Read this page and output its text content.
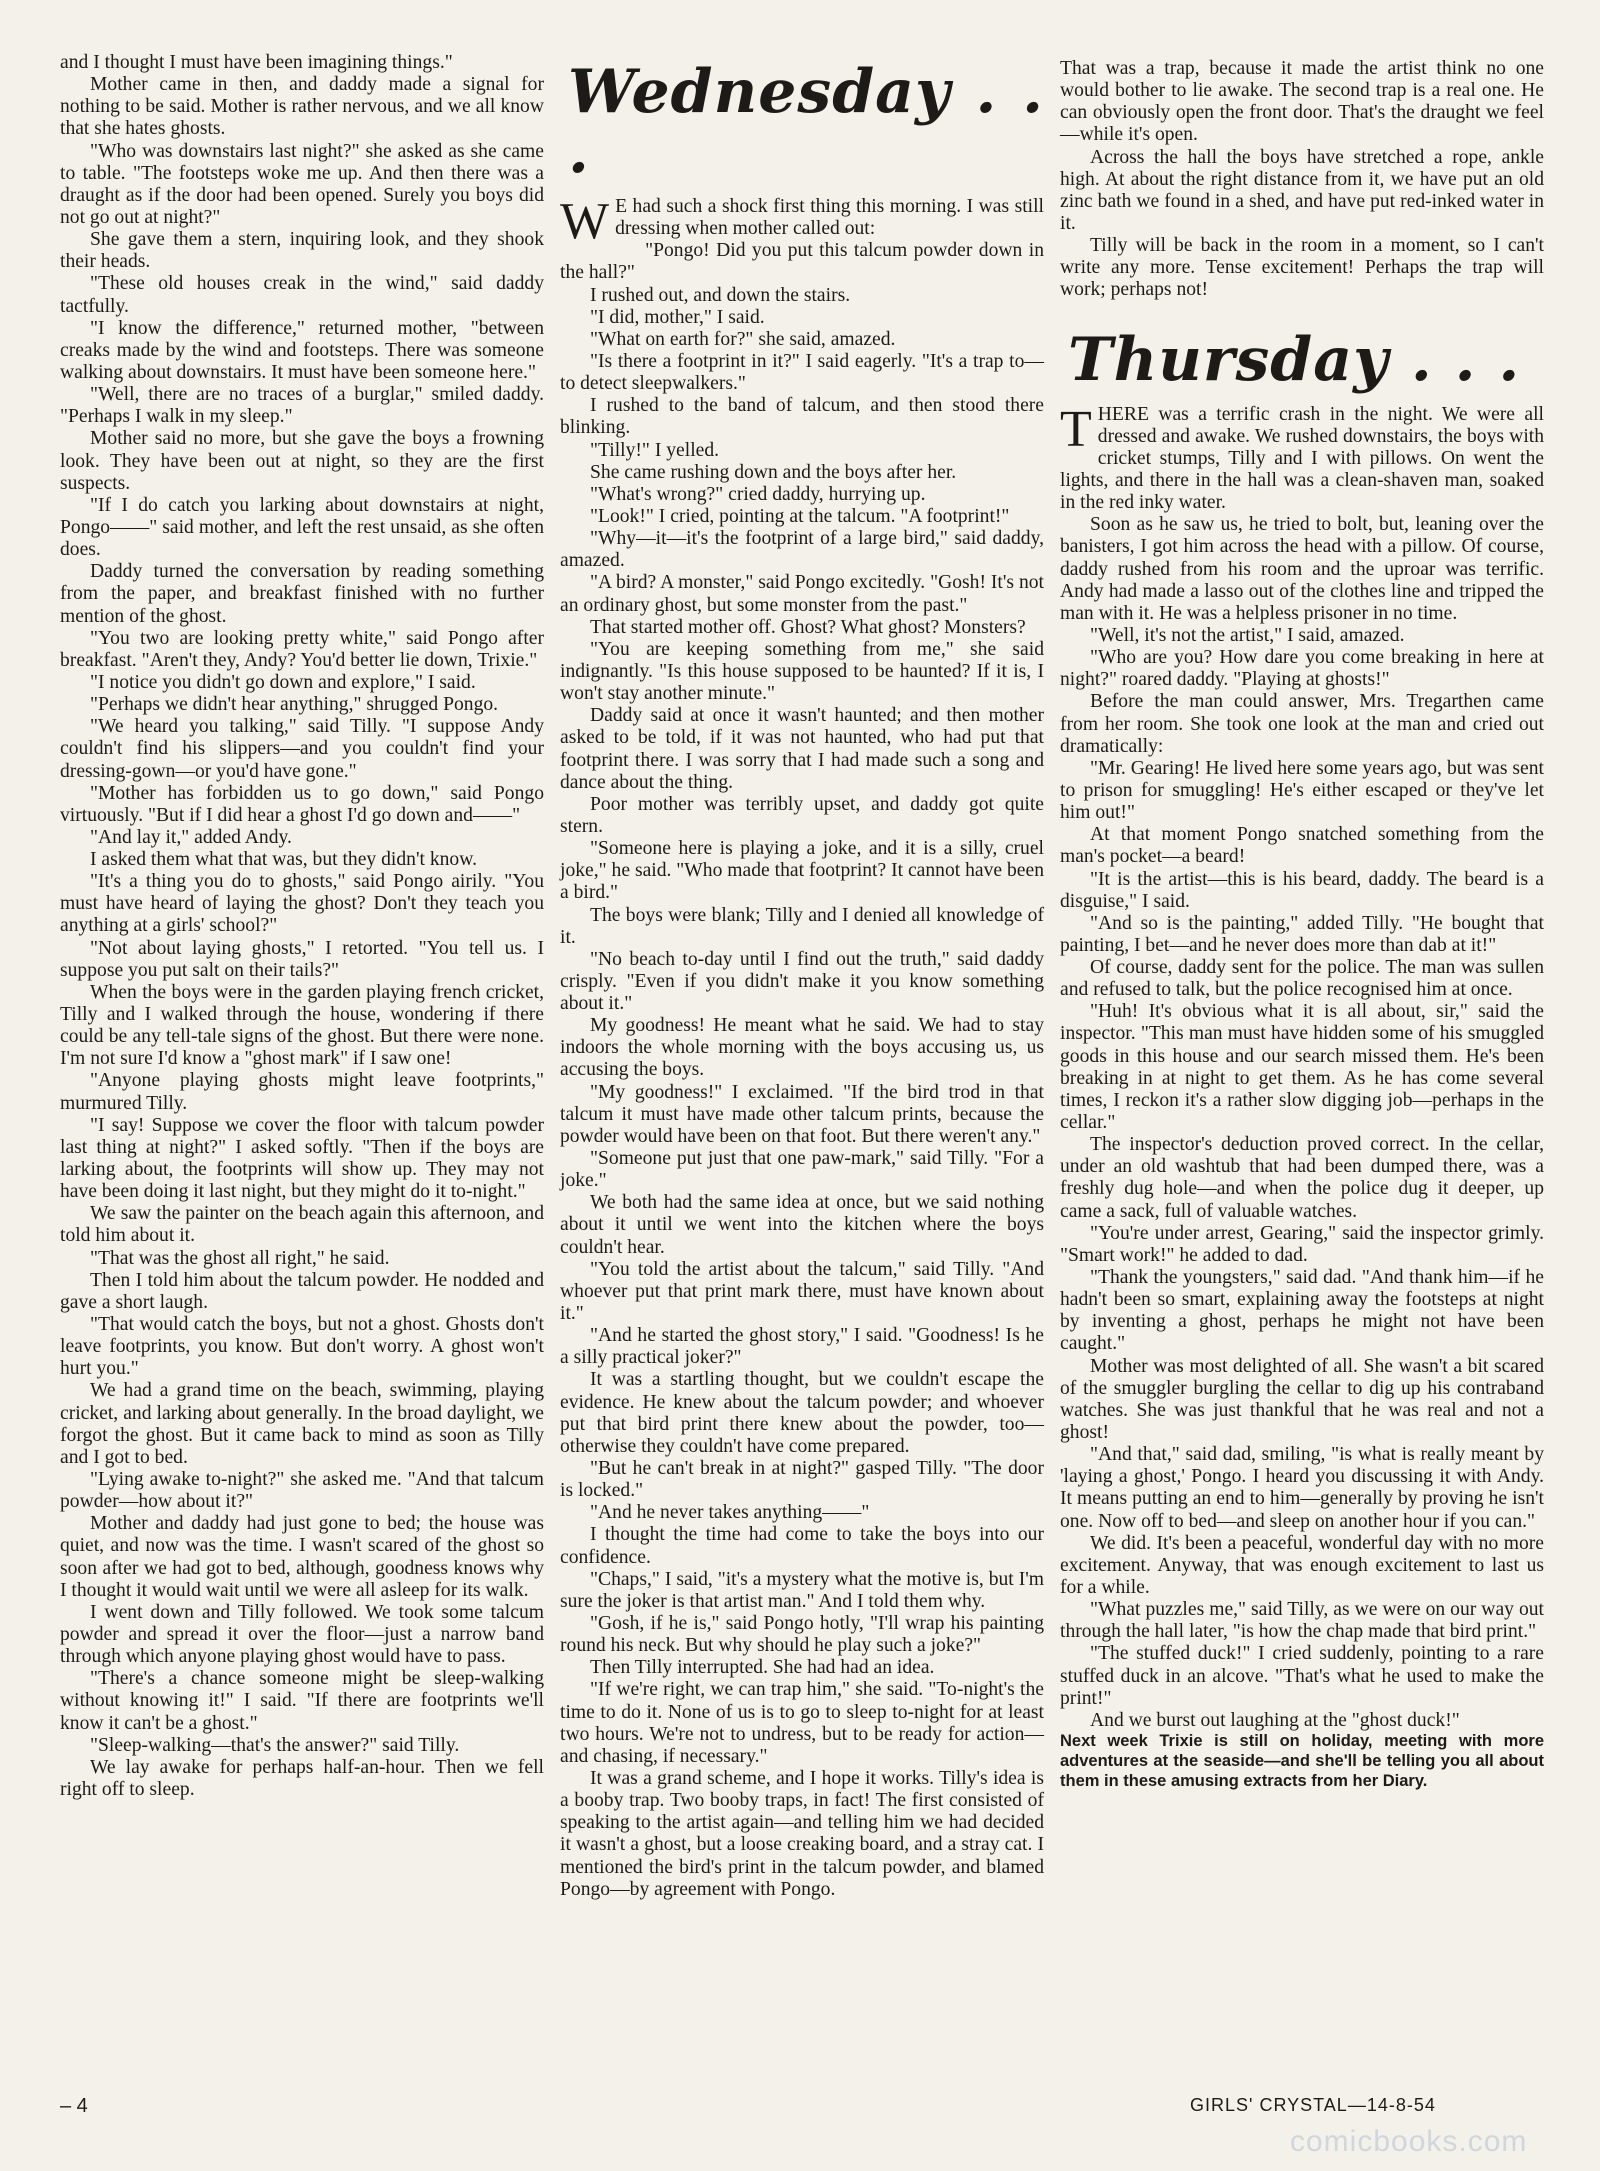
and I thought I must have been imagining things."

Mother came in then, and daddy made a signal for nothing to be said. Mother is rather nervous, and we all know that she hates ghosts.

"Who was downstairs last night?" she asked as she came to table. "The footsteps woke me up. And then there was a draught as if the door had been opened. Surely you boys did not go out at night?"

She gave them a stern, inquiring look, and they shook their heads.

"These old houses creak in the wind," said daddy tactfully.

"I know the difference," returned mother, "between creaks made by the wind and footsteps. There was someone walking about downstairs. It must have been someone here."

"Well, there are no traces of a burglar," smiled daddy. "Perhaps I walk in my sleep."

Mother said no more, but she gave the boys a frowning look. They have been out at night, so they are the first suspects.

"If I do catch you larking about downstairs at night, Pongo——" said mother, and left the rest unsaid, as she often does.

Daddy turned the conversation by reading something from the paper, and breakfast finished with no further mention of the ghost.

"You two are looking pretty white," said Pongo after breakfast. "Aren't they, Andy? You'd better lie down, Trixie."

"I notice you didn't go down and explore," I said.

"Perhaps we didn't hear anything," shrugged Pongo.

"We heard you talking," said Tilly. "I suppose Andy couldn't find his slippers—and you couldn't find your dressing-gown—or you'd have gone."

"Mother has forbidden us to go down," said Pongo virtuously. "But if I did hear a ghost I'd go down and——"

"And lay it," added Andy.

I asked them what that was, but they didn't know.

"It's a thing you do to ghosts," said Pongo airily. "You must have heard of laying the ghost? Don't they teach you anything at a girls' school?"

"Not about laying ghosts," I retorted. "You tell us. I suppose you put salt on their tails?"

When the boys were in the garden playing french cricket, Tilly and I walked through the house, wondering if there could be any tell-tale signs of the ghost. But there were none. I'm not sure I'd know a "ghost mark" if I saw one!

"Anyone playing ghosts might leave footprints," murmured Tilly.

"I say! Suppose we cover the floor with talcum powder last thing at night?" I asked softly. "Then if the boys are larking about, the footprints will show up. They may not have been doing it last night, but they might do it to-night."

We saw the painter on the beach again this afternoon, and told him about it.

"That was the ghost all right," he said.

Then I told him about the talcum powder. He nodded and gave a short laugh.

"That would catch the boys, but not a ghost. Ghosts don't leave footprints, you know. But don't worry. A ghost won't hurt you."

We had a grand time on the beach, swimming, playing cricket, and larking about generally. In the broad daylight, we forgot the ghost. But it came back to mind as soon as Tilly and I got to bed.

"Lying awake to-night?" she asked me. "And that talcum powder—how about it?"

Mother and daddy had just gone to bed; the house was quiet, and now was the time. I wasn't scared of the ghost so soon after we had got to bed, although, goodness knows why I thought it would wait until we were all asleep for its walk.

I went down and Tilly followed. We took some talcum powder and spread it over the floor—just a narrow band through which anyone playing ghost would have to pass.

"There's a chance someone might be sleep-walking without knowing it!" I said. "If there are footprints we'll know it can't be a ghost."

"Sleep-walking—that's the answer?" said Tilly.

We lay awake for perhaps half-an-hour. Then we fell right off to sleep.

Wednesday . . .

W E had such a shock first thing this morning. I was still dressing when mother called out:

"Pongo! Did you put this talcum powder down in the hall?"

I rushed out, and down the stairs.

"I did, mother," I said.

"What on earth for?" she said, amazed.

"Is there a footprint in it?" I said eagerly. "It's a trap to—to detect sleepwalkers."

I rushed to the band of talcum, and then stood there blinking.

"Tilly!" I yelled.

She came rushing down and the boys after her.

"What's wrong?" cried daddy, hurrying up.

"Look!" I cried, pointing at the talcum. "A footprint!"

"Why—it—it's the footprint of a large bird," said daddy, amazed.

"A bird? A monster," said Pongo excitedly. "Gosh! It's not an ordinary ghost, but some monster from the past."

That started mother off. Ghost? What ghost? Monsters?

"You are keeping something from me," she said indignantly. "Is this house supposed to be haunted? If it is, I won't stay another minute."

Daddy said at once it wasn't haunted; and then mother asked to be told, if it was not haunted, who had put that footprint there. I was sorry that I had made such a song and dance about the thing.

Poor mother was terribly upset, and daddy got quite stern.

"Someone here is playing a joke, and it is a silly, cruel joke," he said. "Who made that footprint? It cannot have been a bird."

The boys were blank; Tilly and I denied all knowledge of it.

"No beach to-day until I find out the truth," said daddy crisply. "Even if you didn't make it you know something about it."

My goodness! He meant what he said. We had to stay indoors the whole morning with the boys accusing us, us accusing the boys.

"My goodness!" I exclaimed. "If the bird trod in that talcum it must have made other talcum prints, because the powder would have been on that foot. But there weren't any."

"Someone put just that one paw-mark," said Tilly. "For a joke."

We both had the same idea at once, but we said nothing about it until we went into the kitchen where the boys couldn't hear.

"You told the artist about the talcum," said Tilly. "And whoever put that print mark there, must have known about it."

"And he started the ghost story," I said. "Goodness! Is he a silly practical joker?"

It was a startling thought, but we couldn't escape the evidence. He knew about the talcum powder; and whoever put that bird print there knew about the powder, too—otherwise they couldn't have come prepared.

"But he can't break in at night?" gasped Tilly. "The door is locked."

"And he never takes anything——"

I thought the time had come to take the boys into our confidence.

"Chaps," I said, "it's a mystery what the motive is, but I'm sure the joker is that artist man." And I told them why.

"Gosh, if he is," said Pongo hotly, "I'll wrap his painting round his neck. But why should he play such a joke?"

Then Tilly interrupted. She had had an idea.

"If we're right, we can trap him," she said. "To-night's the time to do it. None of us is to go to sleep to-night for at least two hours. We're not to undress, but to be ready for action—and chasing, if necessary."

It was a grand scheme, and I hope it works. Tilly's idea is a booby trap. Two booby traps, in fact! The first consisted of speaking to the artist again—and telling him we had decided it wasn't a ghost, but a loose creaking board, and a stray cat. I mentioned the bird's print in the talcum powder, and blamed Pongo—by agreement with Pongo.

That was a trap, because it made the artist think no one would bother to lie awake. The second trap is a real one. He can obviously open the front door. That's the draught we feel—while it's open.

Across the hall the boys have stretched a rope, ankle high. At about the right distance from it, we have put an old zinc bath we found in a shed, and have put red-inked water in it.

Tilly will be back in the room in a moment, so I can't write any more. Tense excitement! Perhaps the trap will work; perhaps not!

Thursday . . .

THERE was a terrific crash in the night. We were all dressed and awake. We rushed downstairs, the boys with cricket stumps, Tilly and I with pillows. On went the lights, and there in the hall was a clean-shaven man, soaked in the red inky water.

Soon as he saw us, he tried to bolt, but, leaning over the banisters, I got him across the head with a pillow. Of course, daddy rushed from his room and the uproar was terrific. Andy had made a lasso out of the clothes line and tripped the man with it. He was a helpless prisoner in no time.

"Well, it's not the artist," I said, amazed.

"Who are you? How dare you come breaking in here at night?" roared daddy. "Playing at ghosts!"

Before the man could answer, Mrs. Tregarthen came from her room. She took one look at the man and cried out dramatically:

"Mr. Gearing! He lived here some years ago, but was sent to prison for smuggling! He's either escaped or they've let him out!"

At that moment Pongo snatched something from the man's pocket—a beard!

"It is the artist—this is his beard, daddy. The beard is a disguise," I said.

"And so is the painting," added Tilly. "He bought that painting, I bet—and he never does more than dab at it!"

Of course, daddy sent for the police. The man was sullen and refused to talk, but the police recognised him at once.

"Huh! It's obvious what it is all about, sir," said the inspector. "This man must have hidden some of his smuggled goods in this house and our search missed them. He's been breaking in at night to get them. As he has come several times, I reckon it's a rather slow digging job—perhaps in the cellar."

The inspector's deduction proved correct. In the cellar, under an old washtub that had been dumped there, was a freshly dug hole—and when the police dug it deeper, up came a sack, full of valuable watches.

"You're under arrest, Gearing," said the inspector grimly. "Smart work!" he added to dad.

"Thank the youngsters," said dad. "And thank him—if he hadn't been so smart, explaining away the footsteps at night by inventing a ghost, perhaps he might not have been caught."

Mother was most delighted of all. She wasn't a bit scared of the smuggler burgling the cellar to dig up his contraband watches. She was just thankful that he was real and not a ghost!

"And that," said dad, smiling, "is what is really meant by 'laying a ghost,' Pongo. I heard you discussing it with Andy. It means putting an end to him—generally by proving he isn't one. Now off to bed—and sleep on another hour if you can."

We did. It's been a peaceful, wonderful day with no more excitement. Anyway, that was enough excitement to last us for a while.

"What puzzles me," said Tilly, as we were on our way out through the hall later, "is how the chap made that bird print."

"The stuffed duck!" I cried suddenly, pointing to a rare stuffed duck in an alcove. "That's what he used to make the print!"

And we burst out laughing at the "ghost duck!"

Next week Trixie is still on holiday, meeting with more adventures at the seaside—and she'll be telling you all about them in these amusing extracts from her Diary.

– 4	GIRLS' CRYSTAL—14-8-54
comicbooks.com
